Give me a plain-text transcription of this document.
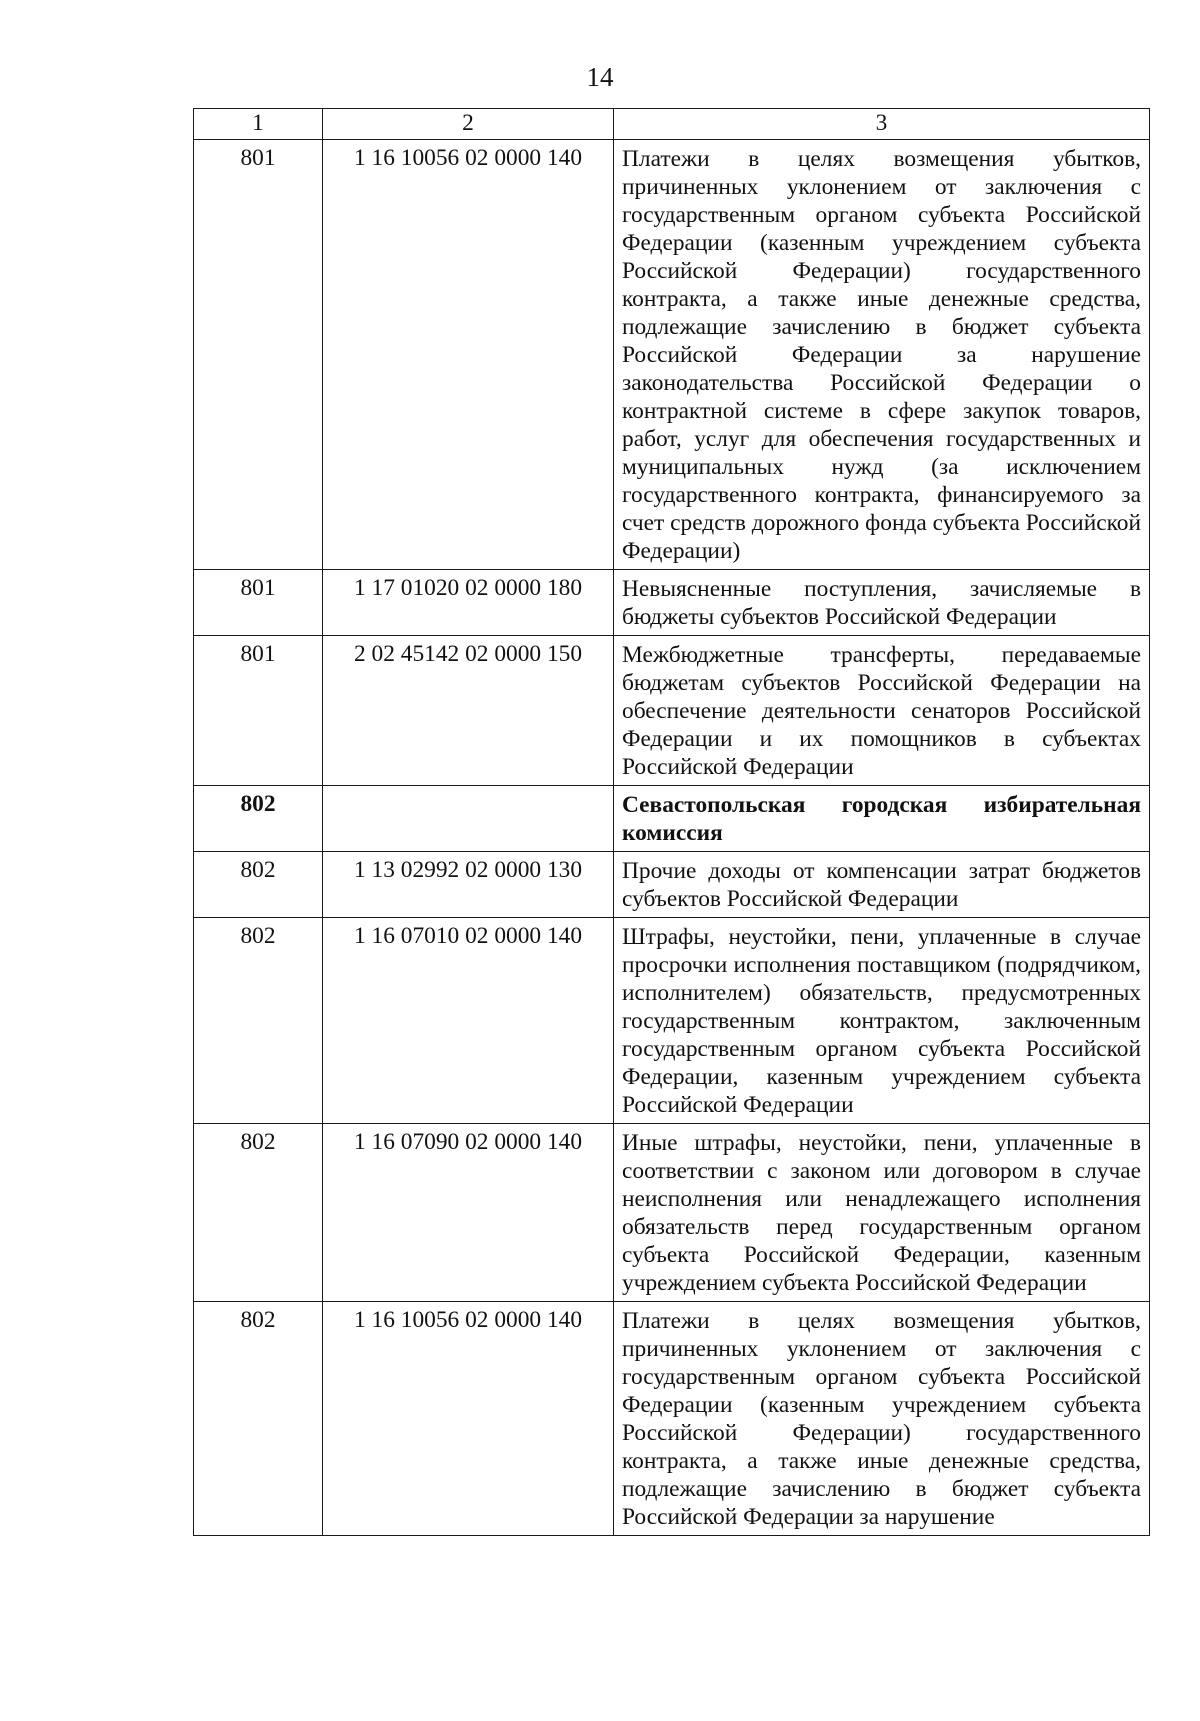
14
1	2	3
801	1 16 10056 02 0000 140	Платежи в целях возмещения убытков, причиненных уклонением от заключения с государственным органом субъекта Российской Федерации (казенным учреждением субъекта Российской Федерации) государственного контракта, а также иные денежные средства, подлежащие зачислению в бюджет субъекта Российской Федерации за нарушение законодательства Российской Федерации о контрактной системе в сфере закупок товаров, работ, услуг для обеспечения государственных и муниципальных нужд (за исключением государственного контракта, финансируемого за счет средств дорожного фонда субъекта Российской Федерации)
801	1 17 01020 02 0000 180	Невыясненные поступления, зачисляемые в бюджеты субъектов Российской Федерации
801	2 02 45142 02 0000 150	Межбюджетные трансферты, передаваемые бюджетам субъектов Российской Федерации на обеспечение деятельности сенаторов Российской Федерации и их помощников в субъектах Российской Федерации
802		Севастопольская городская избирательная комиссия
802	1 13 02992 02 0000 130	Прочие доходы от компенсации затрат бюджетов субъектов Российской Федерации
802	1 16 07010 02 0000 140	Штрафы, неустойки, пени, уплаченные в случае просрочки исполнения поставщиком (подрядчиком, исполнителем) обязательств, предусмотренных государственным контрактом, заключенным государственным органом субъекта Российской Федерации, казенным учреждением субъекта Российской Федерации
802	1 16 07090 02 0000 140	Иные штрафы, неустойки, пени, уплаченные в соответствии с законом или договором в случае неисполнения или ненадлежащего исполнения обязательств перед государственным органом субъекта Российской Федерации, казенным учреждением субъекта Российской Федерации
802	1 16 10056 02 0000 140	Платежи в целях возмещения убытков, причиненных уклонением от заключения с государственным органом субъекта Российской Федерации (казенным учреждением субъекта Российской Федерации) государственного контракта, а также иные денежные средства, подлежащие зачислению в бюджет субъекта Российской Федерации за нарушение
